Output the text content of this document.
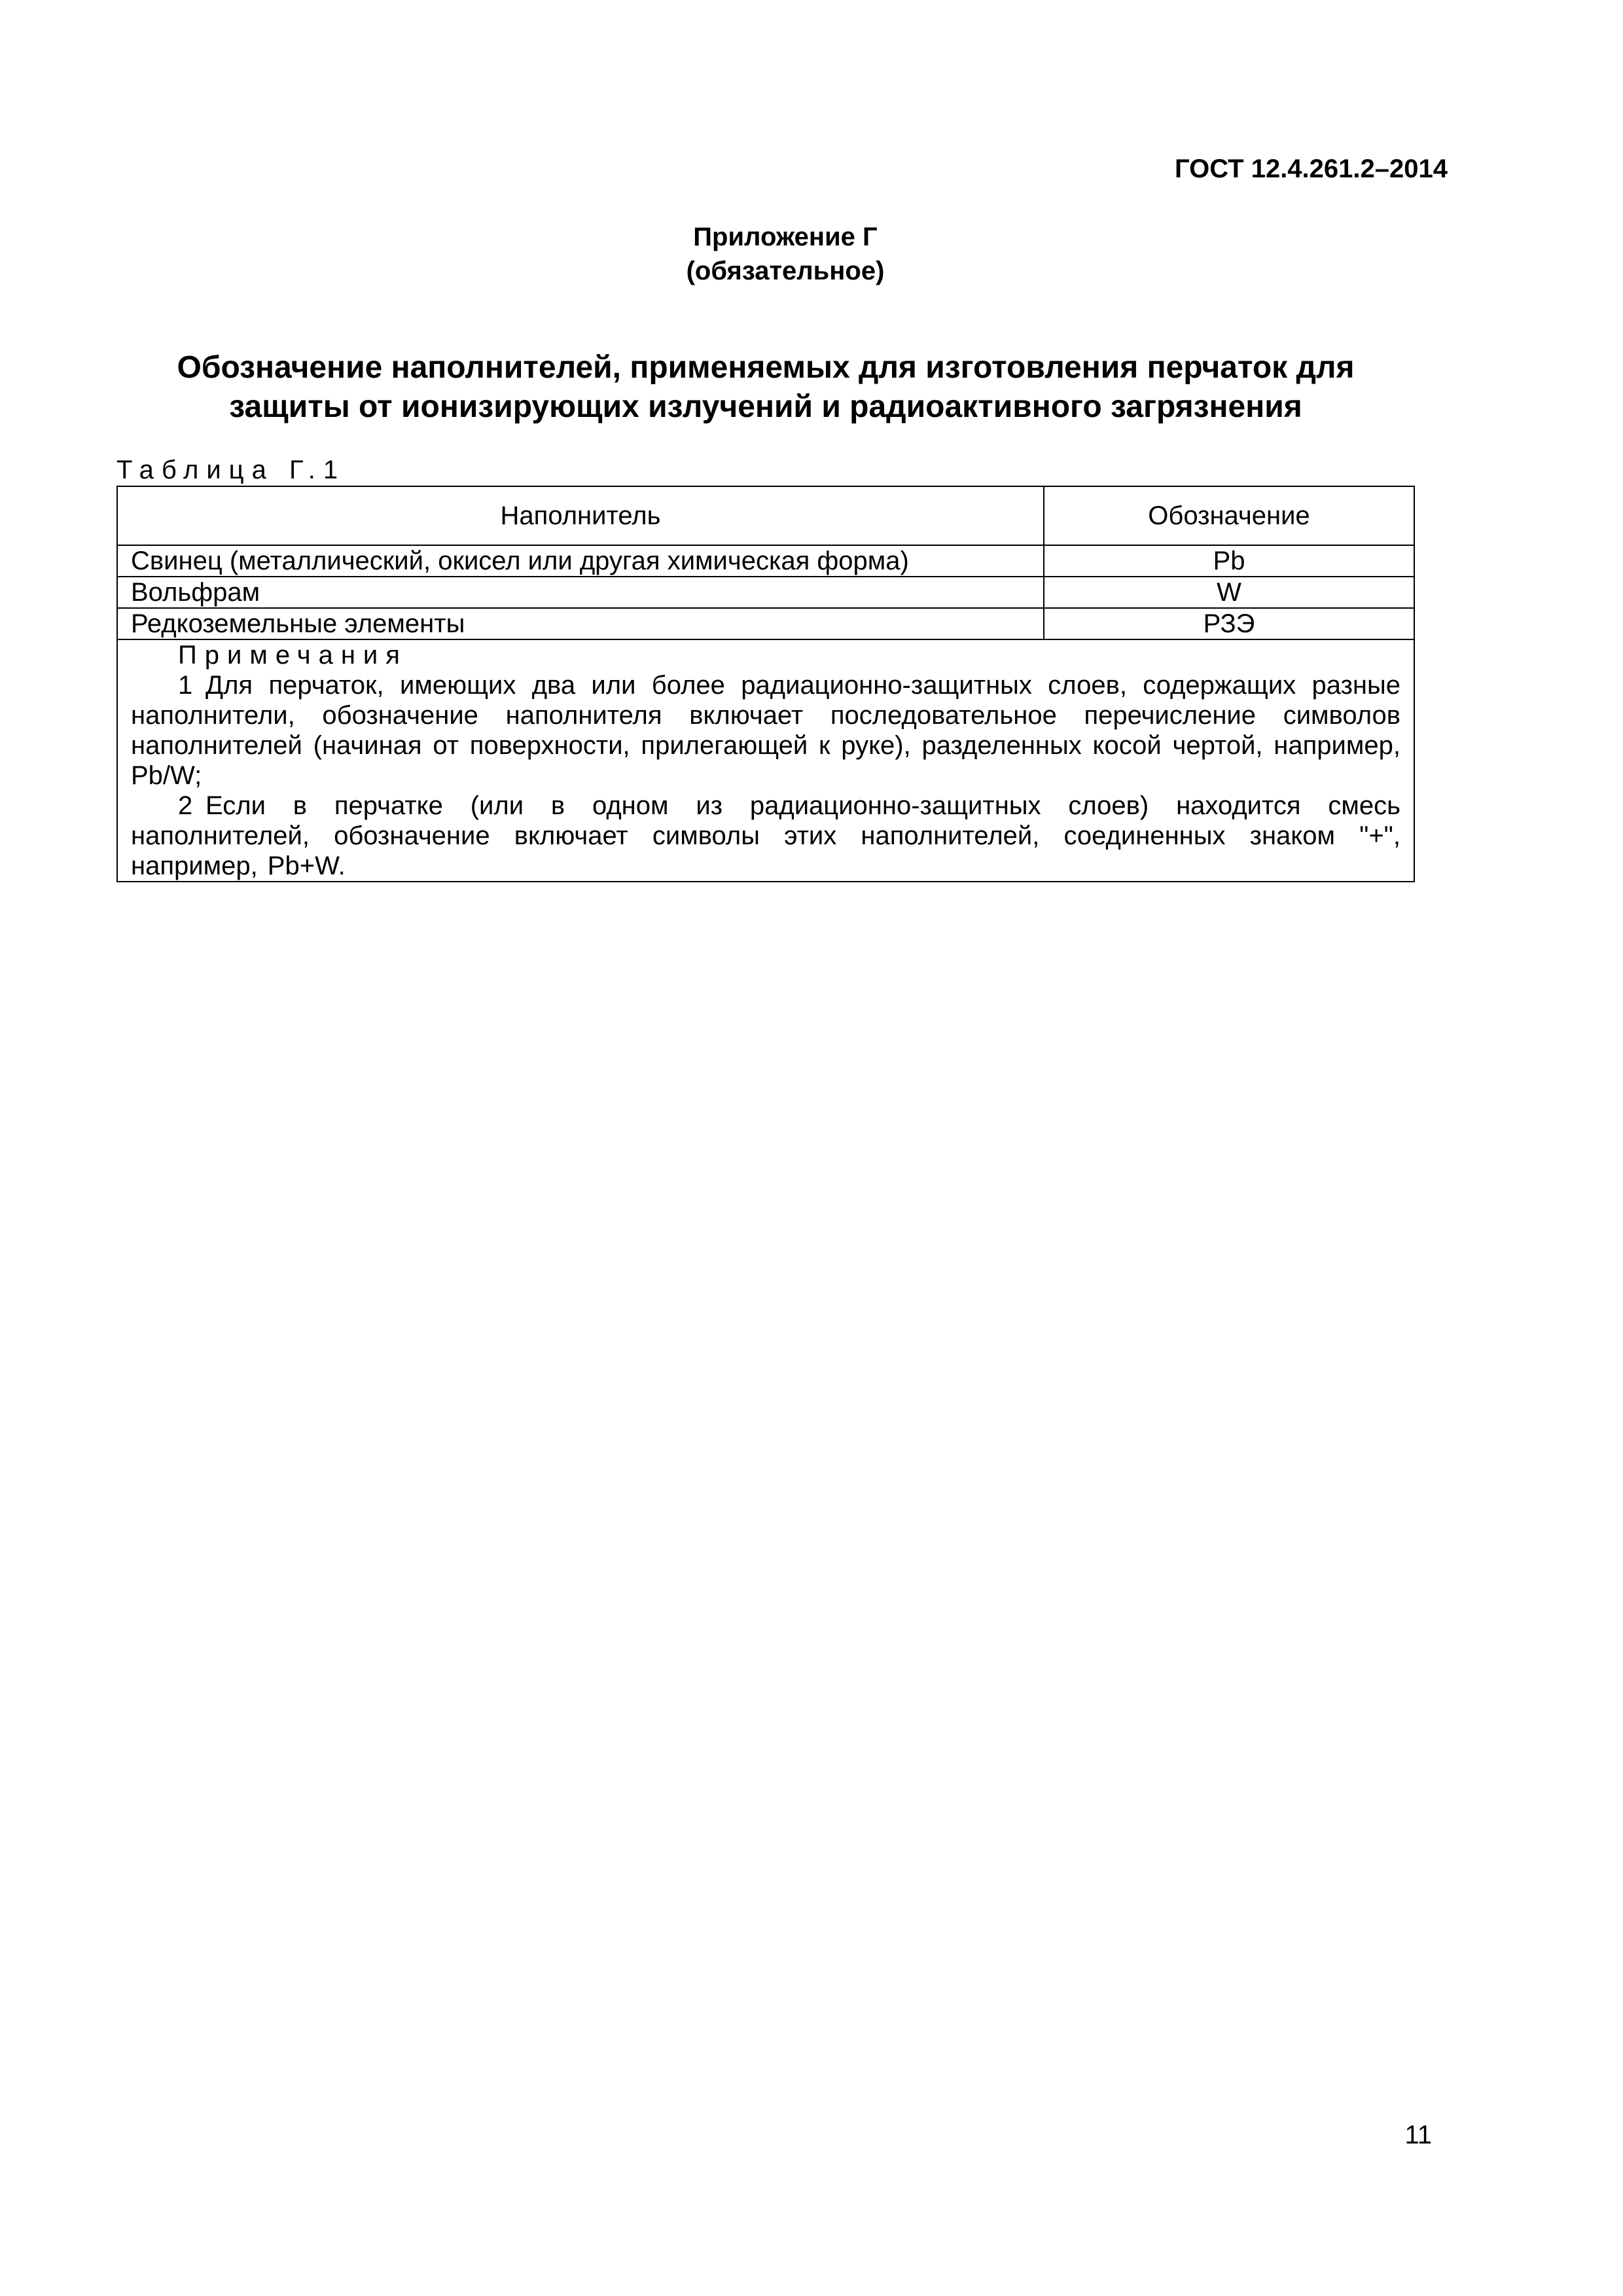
ГОСТ 12.4.261.2–2014
Приложение Г
(обязательное)
Обозначение наполнителей, применяемых для изготовления перчаток для
защиты от ионизирующих излучений и радиоактивного загрязнения
Таблица Г.1
Наполнитель	Обозначение
Свинец (металлический, окисел или другая химическая форма)	Pb
Вольфрам	W
Редкоземельные элементы	РЗЭ

Примечания
1 Для перчаток, имеющих два или более радиационно-защитных слоев, содержащих разные наполнители, обозначение наполнителя включает последовательное перечисление символов наполнителей (начиная от поверхности, прилегающей к руке), разделенных косой чертой, например, Pb/W;
2 Если в перчатке (или в одном из радиационно-защитных слоев) находится смесь наполнителей, обозначение включает символы этих наполнителей, соединенных знаком "+", например, Pb+W.	
11
